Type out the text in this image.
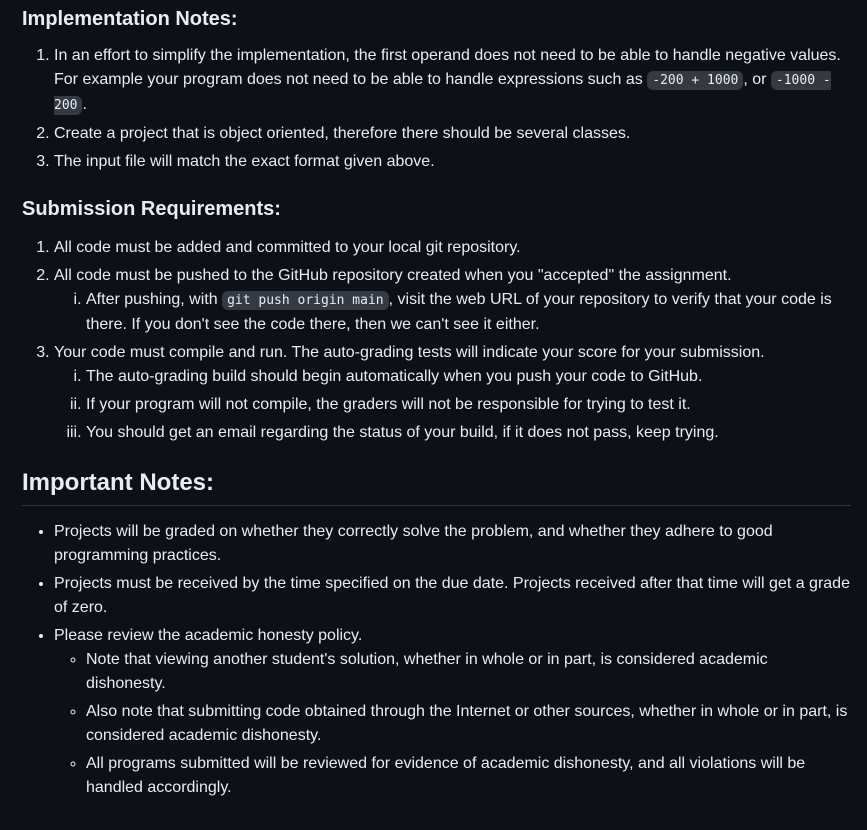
Implementation Notes:
1. In an effort to simplify the implementation, the first operand does not need to be able to handle negative values. For example your program does not need to be able to handle expressions such as -200 + 1000 , or -1000 - 200 .
2. Create a project that is object oriented, therefore there should be several classes.
3. The input file will match the exact format given above.
Submission Requirements:
1. All code must be added and committed to your local git repository.
2. All code must be pushed to the GitHub repository created when you "accepted" the assignment.
i. After pushing, with git push origin main , visit the web URL of your repository to verify that your code is there. If you don't see the code there, then we can't see it either.
3. Your code must compile and run. The auto-grading tests will indicate your score for your submission.
i. The auto-grading build should begin automatically when you push your code to GitHub.
ii. If your program will not compile, the graders will not be responsible for trying to test it.
iii. You should get an email regarding the status of your build, if it does not pass, keep trying.
Important Notes:
• Projects will be graded on whether they correctly solve the problem, and whether they adhere to good programming practices.
• Projects must be received by the time specified on the due date. Projects received after that time will get a grade of zero.
• Please review the academic honesty policy.
◦ Note that viewing another student's solution, whether in whole or in part, is considered academic dishonesty.
◦ Also note that submitting code obtained through the Internet or other sources, whether in whole or in part, is considered academic dishonesty.
◦ All programs submitted will be reviewed for evidence of academic dishonesty, and all violations will be handled accordingly.
